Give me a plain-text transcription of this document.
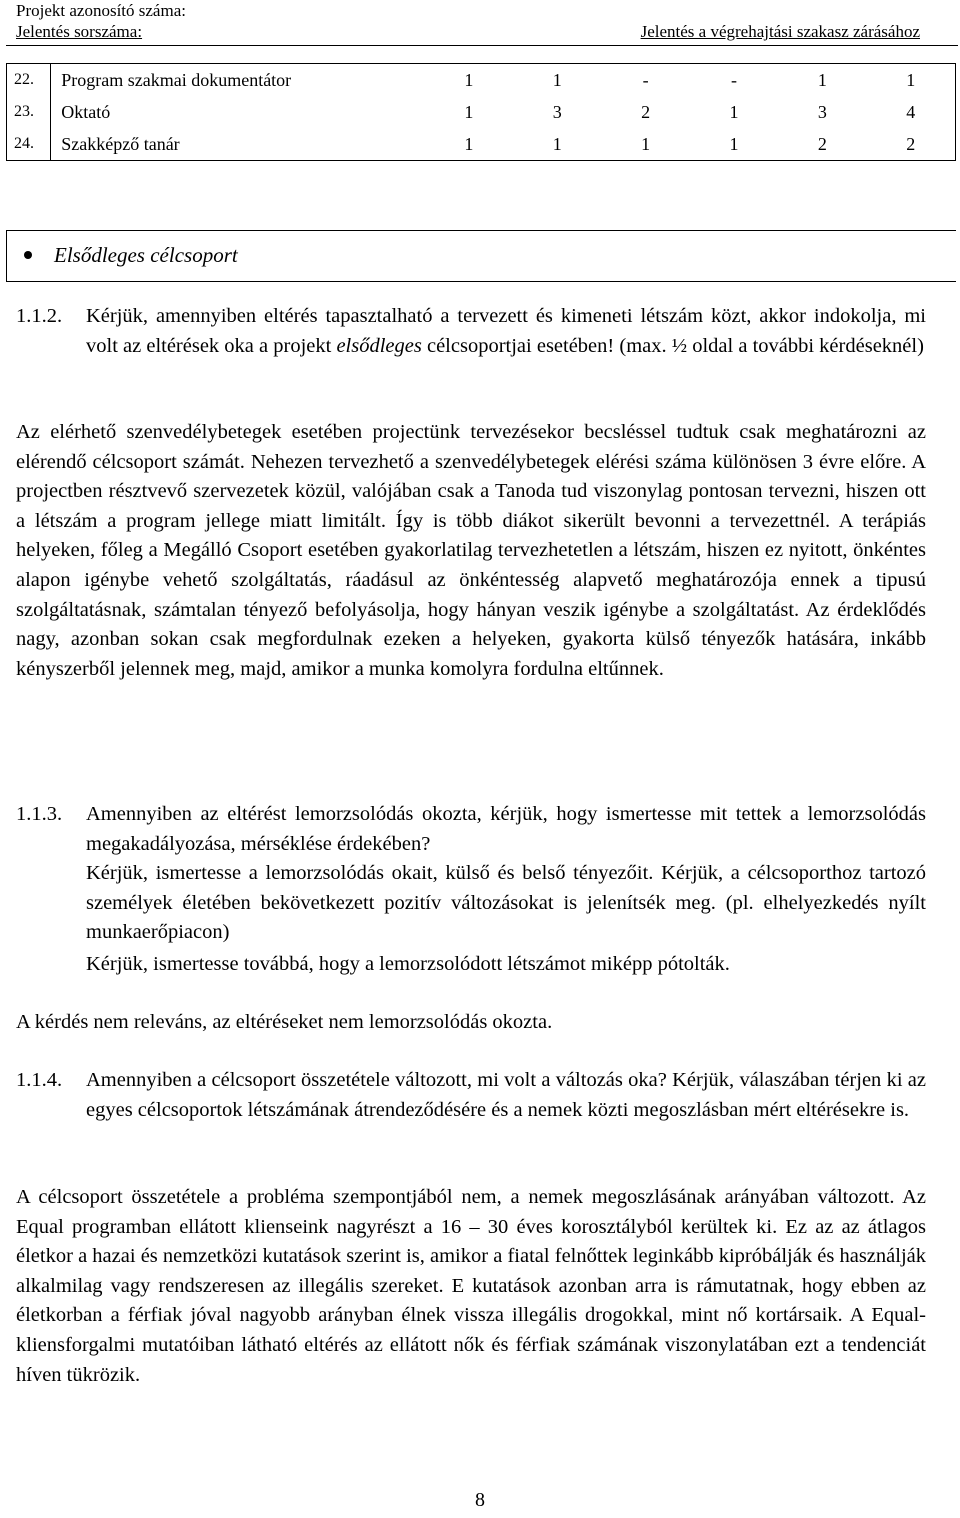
Projekt azonosító száma:
Jelentés sorszáma:	Jelentés a végrehajtási szakasz zárásához
22.	Program szakmai dokumentátor	1	1	-	-	1	1
23.	Oktató	1	3	2	1	3	4
24.	Szakképző tanár	1	1	1	1	2	2
Elsődleges célcsoport
1.1.2. Kérjük, amennyiben eltérés tapasztalható a tervezett és kimeneti létszám közt, akkor indokolja, mi volt az eltérések oka a projekt elsődleges célcsoportjai esetében! (max. ½ oldal a további kérdéseknél)
Az elérhető szenvedélybetegek esetében projectünk tervezésekor becsléssel tudtuk csak meghatározni az elérendő célcsoport számát. Nehezen tervezhető a szenvedélybetegek elérési száma különösen 3 évre előre. A projectben résztvevő szervezetek közül, valójában csak a Tanoda tud viszonylag pontosan tervezni, hiszen ott a létszám a program jellege miatt limitált. Így is több diákot sikerült bevonni a tervezettnél. A terápiás helyeken, főleg a Megálló Csoport esetében gyakorlatilag tervezhetetlen a létszám, hiszen ez nyitott, önkéntes alapon igénybe vehető szolgáltatás, ráadásul az önkéntesség alapvető meghatározója ennek a tipusú szolgáltatásnak, számtalan tényező befolyásolja, hogy hányan veszik igénybe a szolgáltatást. Az érdeklődés nagy, azonban sokan csak megfordulnak ezeken a helyeken, gyakorta külső tényezők hatására, inkább kényszerből jelennek meg, majd, amikor a munka komolyra fordulna eltűnnek.
1.1.3. Amennyiben az eltérést lemorzsolódás okozta, kérjük, hogy ismertesse mit tettek a lemorzsolódás megakadályozása, mérséklése érdekében?
Kérjük, ismertesse a lemorzsolódás okait, külső és belső tényezőit. Kérjük, a célcsoporthoz tartozó személyek életében bekövetkezett pozitív változásokat is jelenítsék meg. (pl. elhelyezkedés nyílt munkaerőpiacon)
Kérjük, ismertesse továbbá, hogy a lemorzsolódott létszámot miképp pótolták.
A kérdés nem releváns, az eltéréseket nem lemorzsolódás okozta.
1.1.4. Amennyiben a célcsoport összetétele változott, mi volt a változás oka? Kérjük, válaszában térjen ki az egyes célcsoportok létszámának átrendeződésére és a nemek közti megoszlásban mért eltérésekre is.
A célcsoport összetétele a probléma szempontjából nem, a nemek megoszlásának arányában változott. Az Equal programban ellátott klienseink nagyrészt a 16 – 30 éves korosztályból kerültek ki. Ez az az átlagos életkor a hazai és nemzetközi kutatások szerint is, amikor a fiatal felnőttek leginkább kipróbálják és használják alkalmilag vagy rendszeresen az illegális szereket. E kutatások azonban arra is rámutatnak, hogy ebben az életkorban a férfiak jóval nagyobb arányban élnek vissza illegális drogokkal, mint nő kortársaik. A Equal-kliensforgalmi mutatóiban látható eltérés az ellátott nők és férfiak számának viszonylatában ezt a tendenciát híven tükrözik.
8
